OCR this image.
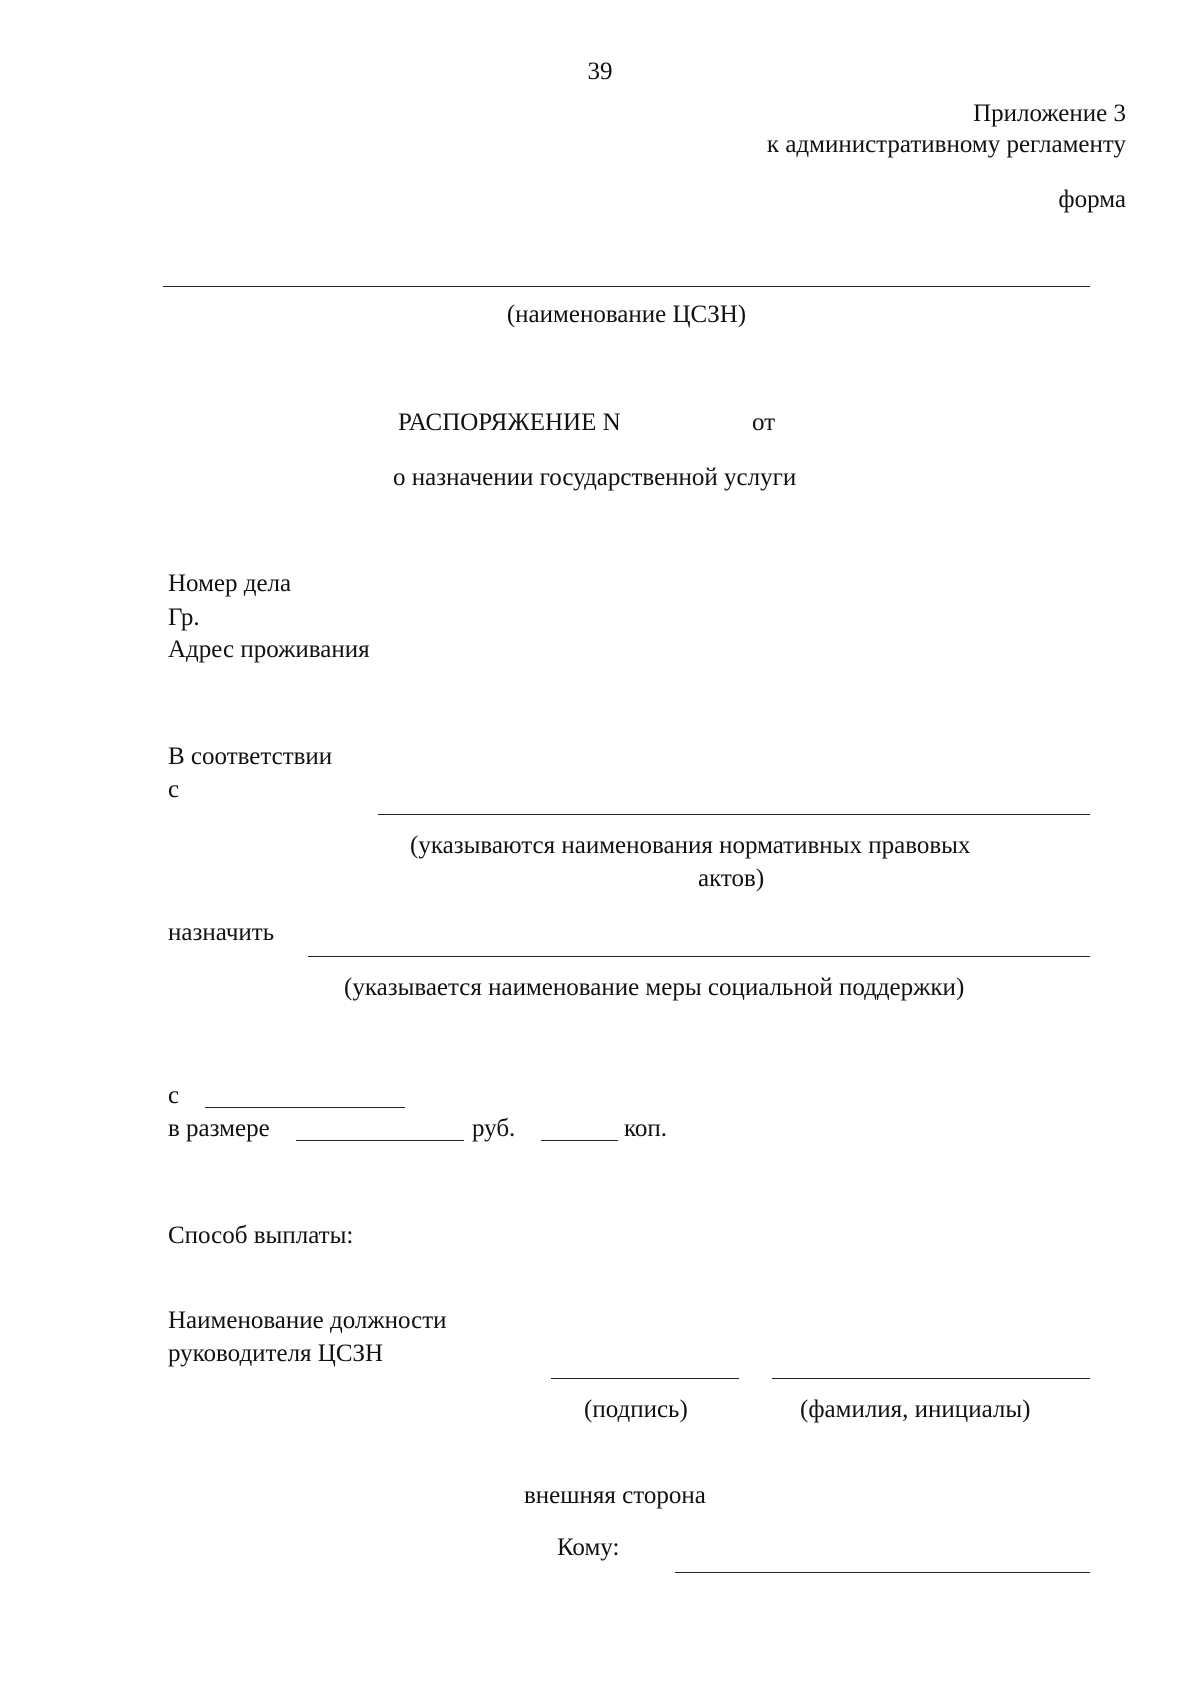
39
Приложение 3
к административному регламенту
форма
(наименование ЦСЗН)
РАСПОРЯЖЕНИЕ N	от
о назначении государственной услуги
Номер дела
Гр.
Адрес проживания
В соответствии
с
(указываются наименования нормативных правовых
актов)
назначить
(указывается наименование меры социальной поддержки)
с
в размере	руб.	коп.
Способ выплаты:
Наименование должности
руководителя ЦСЗН
(подпись)	(фамилия, инициалы)
внешняя сторона
Кому:
